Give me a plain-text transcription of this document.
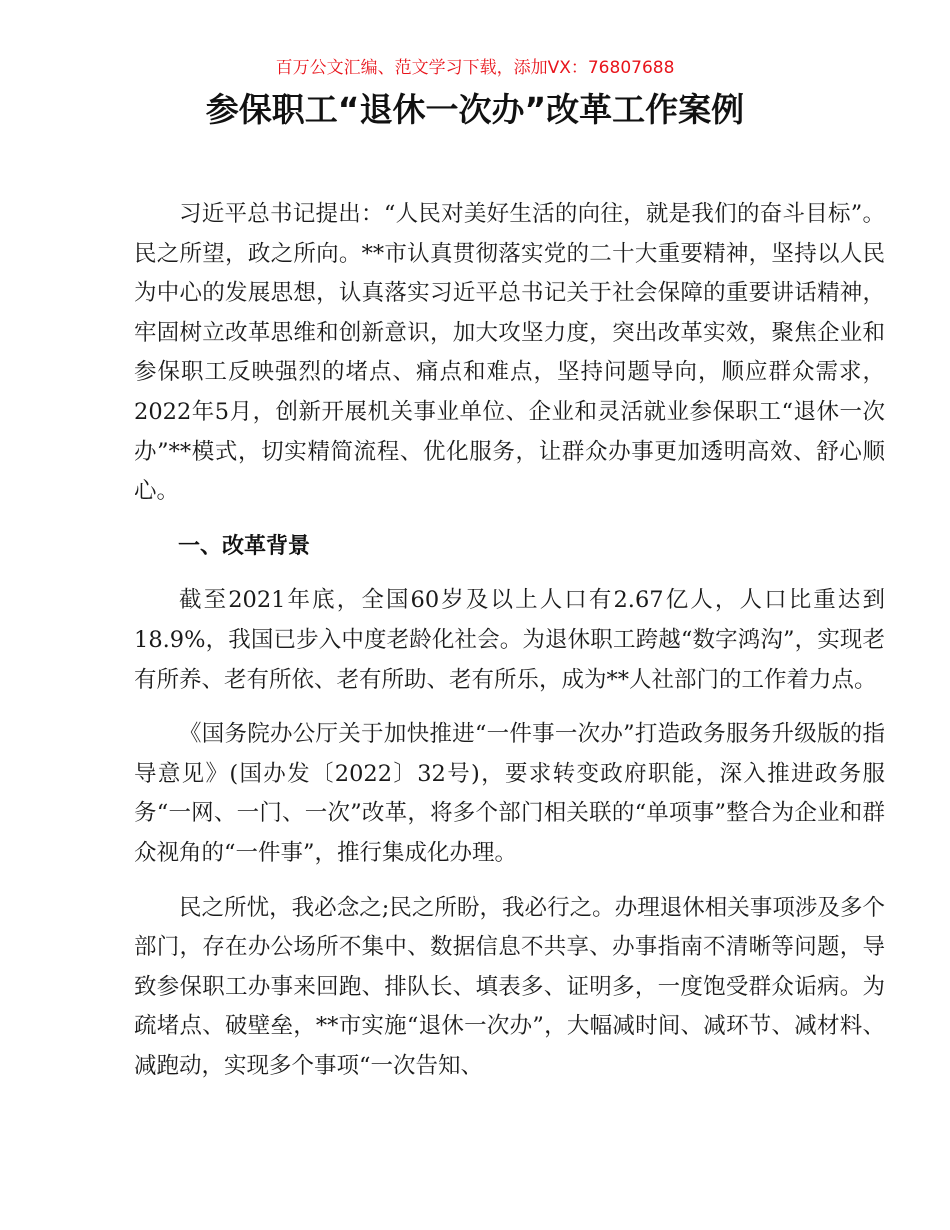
百万公文汇编、范文学习下载，添加VX：76807688
参保职工“退休一次办”改革工作案例

习近平总书记提出：“人民对美好生活的向往，就是我们的奋斗目标”。民之所望，政之所向。**市认真贯彻落实党的二十大重要精神，坚持以人民为中心的发展思想，认真落实习近平总书记关于社会保障的重要讲话精神，牢固树立改革思维和创新意识，加大攻坚力度，突出改革实效，聚焦企业和参保职工反映强烈的堵点、痛点和难点，坚持问题导向，顺应群众需求，2022年5月，创新开展机关事业单位、企业和灵活就业参保职工“退休一次办”**模式，切实精简流程、优化服务，让群众办事更加透明高效、舒心顺心。

一、改革背景

截至2021年底，全国60岁及以上人口有2.67亿人，人口比重达到18.9%，我国已步入中度老龄化社会。为退休职工跨越“数字鸿沟”，实现老有所养、老有所依、老有所助、老有所乐，成为**人社部门的工作着力点。

《国务院办公厅关于加快推进“一件事一次办”打造政务服务升级版的指导意见》(国办发〔2022〕32号)，要求转变政府职能，深入推进政务服务“一网、一门、一次”改革，将多个部门相关联的“单项事”整合为企业和群众视角的“一件事”，推行集成化办理。

民之所忧，我必念之;民之所盼，我必行之。办理退休相关事项涉及多个部门，存在办公场所不集中、数据信息不共享、办事指南不清晰等问题，导致参保职工办事来回跑、排队长、填表多、证明多，一度饱受群众诟病。为疏堵点、破壁垒，**市实施“退休一次办”，大幅减时间、减环节、减材料、减跑动，实现多个事项“一次告知、
